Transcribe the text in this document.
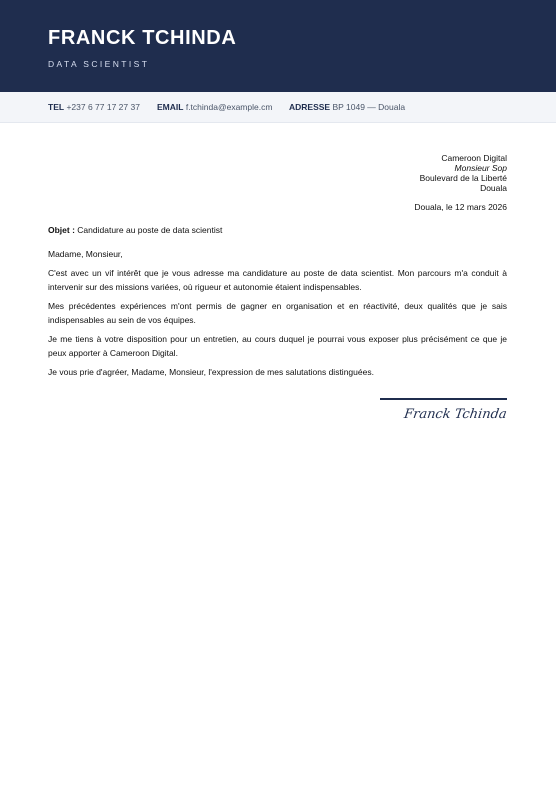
FRANCK TCHINDA
DATA SCIENTIST
TEL +237 6 77 17 27 37 EMAIL f.tchinda@example.cm ADRESSE BP 1049 — Douala
Cameroon Digital
Monsieur Sop
Boulevard de la Liberté
Douala
Douala, le 12 mars 2026
Objet : Candidature au poste de data scientist
Madame, Monsieur,

C'est avec un vif intérêt que je vous adresse ma candidature au poste de data scientist. Mon parcours m'a conduit à intervenir sur des missions variées, où rigueur et autonomie étaient indispensables.

Mes précédentes expériences m'ont permis de gagner en organisation et en réactivité, deux qualités que je sais indispensables au sein de vos équipes.

Je me tiens à votre disposition pour un entretien, au cours duquel je pourrai vous exposer plus précisément ce que je peux apporter à Cameroon Digital.

Je vous prie d'agréer, Madame, Monsieur, l'expression de mes salutations distinguées.

Franck Tchinda
